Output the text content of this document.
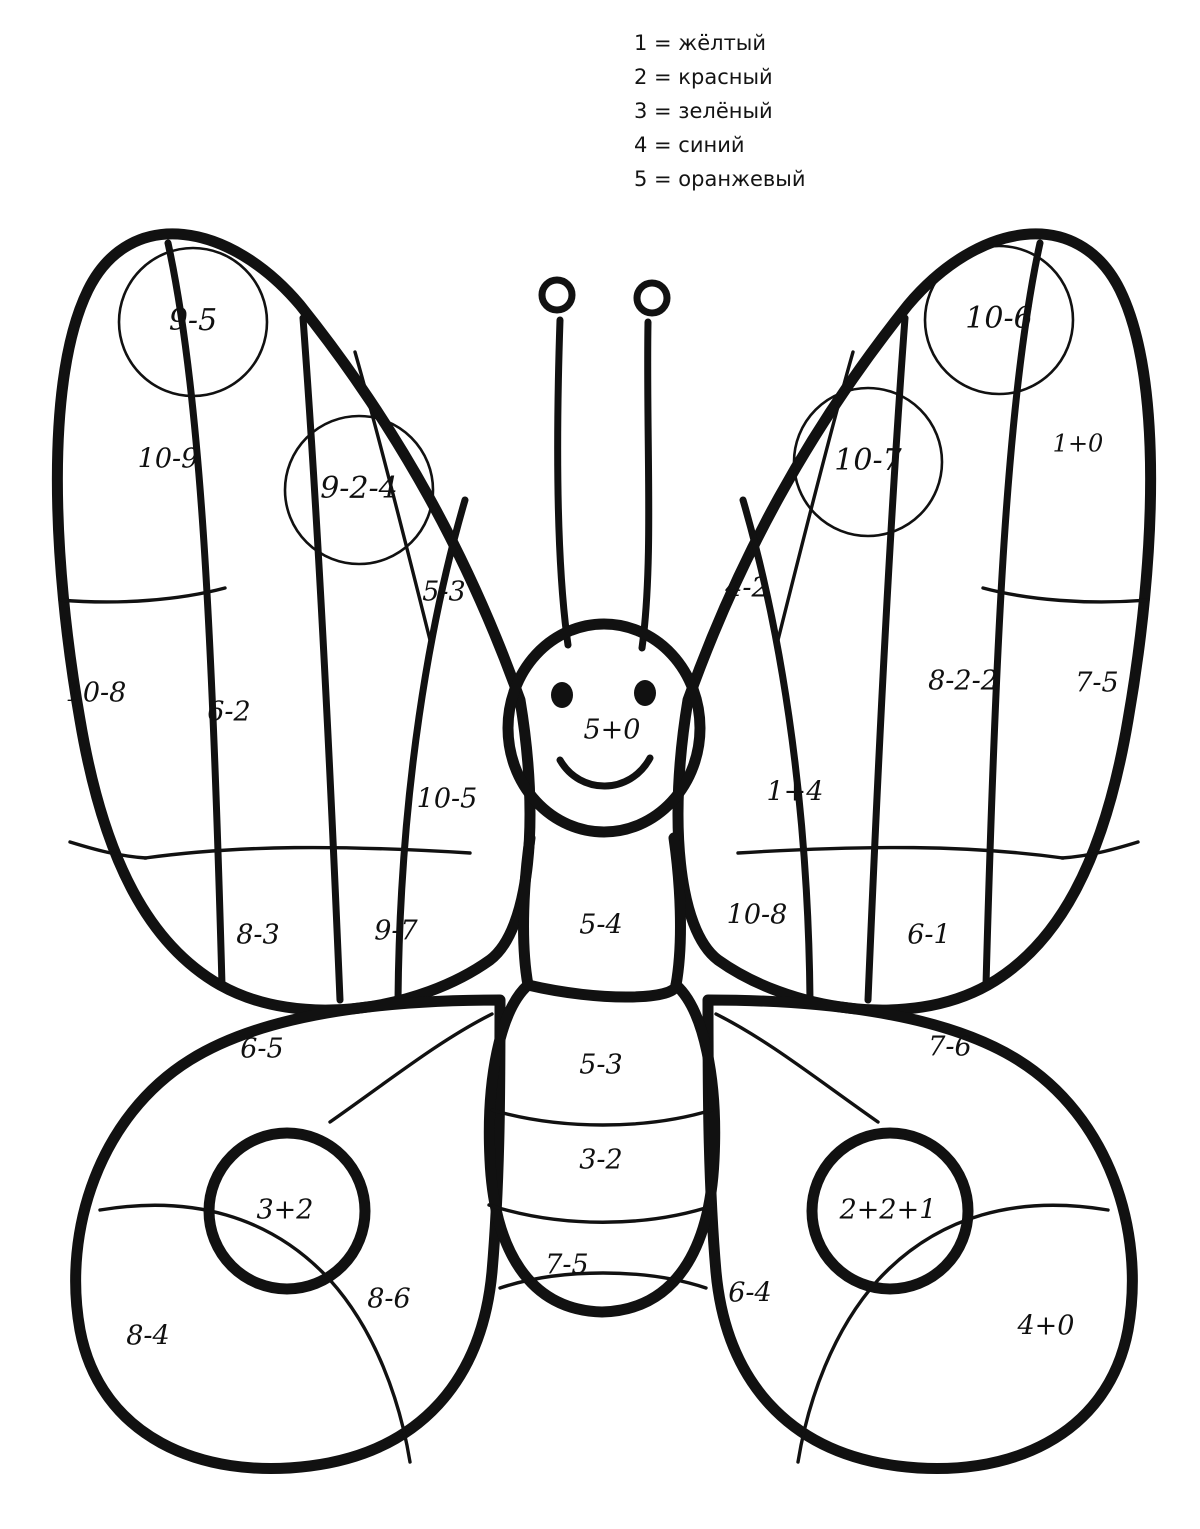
1 = жёлтый
2 = красный
3 = зелёный
4 = синий
5 = оранжевый
9-5
10-9
9-2-4
10-8
6-2
5-3
10-5
8-3	9-7
6-5
3+2
8-6
8-4
5+0
5-4
5-3
3-2
7-5
10-6
1+0
10-7
4-2
8-2-2	7-5
1+4
10-8
6-1
7-6
2+2+1
6-4
4+0
